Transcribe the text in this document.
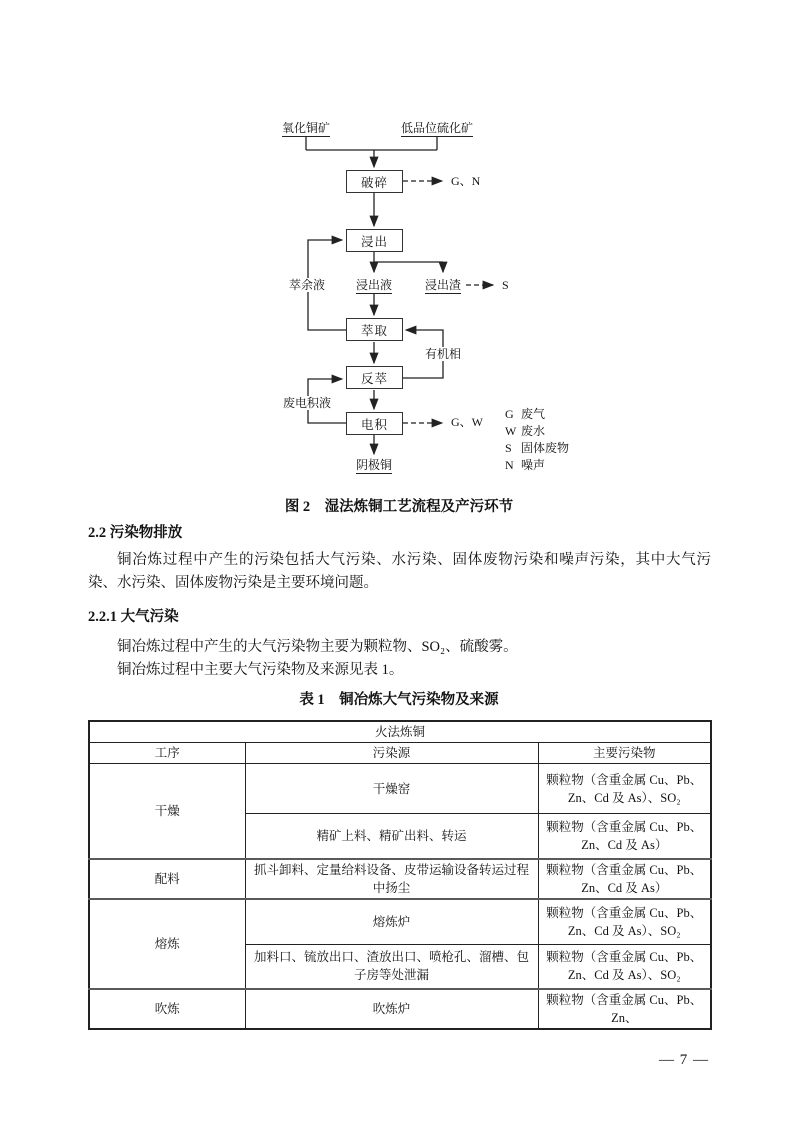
氧化铜矿	低品位硫化矿
破碎	G、N
浸出
萃余液	浸出液	浸出渣	S
萃取
有机相
反萃
废电积液
电积	G、W
阴极铜
G 废气
W 废水
S 固体废物
N 噪声
图 2　湿法炼铜工艺流程及产污环节
2.2 污染物排放
铜冶炼过程中产生的污染包括大气污染、水污染、固体废物污染和噪声污染，其中大气污染、水污染、固体废物污染是主要环境问题。
2.2.1 大气污染
铜冶炼过程中产生的大气污染物主要为颗粒物、SO₂、硫酸雾。
铜冶炼过程中主要大气污染物及来源见表 1。
表 1　铜冶炼大气污染物及来源
火法炼铜		
工序	污染源	主要污染物
干燥	干燥窑	颗粒物（含重金属 Cu、Pb、Zn、Cd 及 As）、SO₂
	精矿上料、精矿出料、转运	颗粒物（含重金属 Cu、Pb、Zn、Cd 及 As）
配料	抓斗卸料、定量给料设备、皮带运输设备转运过程中扬尘	颗粒物（含重金属 Cu、Pb、Zn、Cd 及 As）
熔炼	熔炼炉	颗粒物（含重金属 Cu、Pb、Zn、Cd 及 As）、SO₂
	加料口、锍放出口、渣放出口、喷枪孔、溜槽、包子房等处泄漏	颗粒物（含重金属 Cu、Pb、Zn、Cd 及 As）、SO₂
吹炼	吹炼炉	颗粒物（含重金属 Cu、Pb、Zn、
— 7 —
